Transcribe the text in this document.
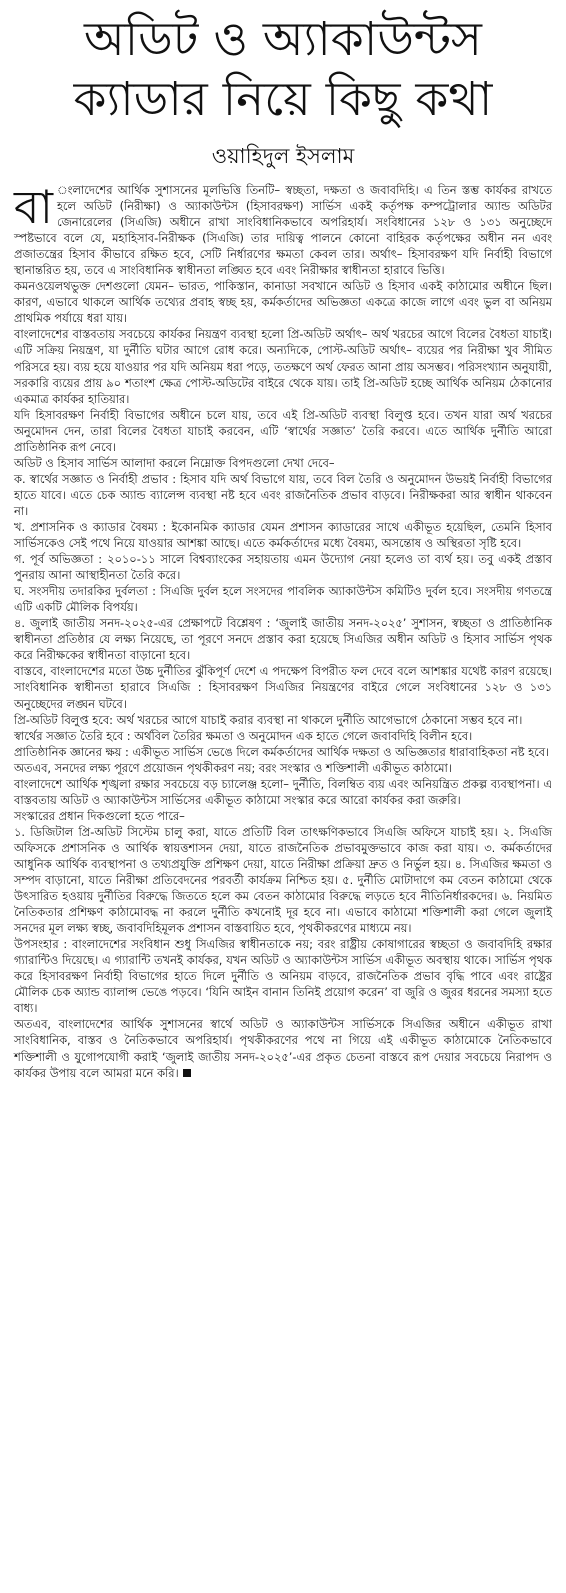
অডিট ও অ্যাকাউন্টস
ক্যাডার নিয়ে কিছু কথা
ওয়াহিদুল ইসলাম

বা ংলাদেশের আর্থিক সুশাসনের মূলভিত্তি তিনটি– স্বচ্ছতা, দক্ষতা ও জবাবদিহি। এ তিন স্তম্ভ কার্যকর রাখতে হলে অডিট (নিরীক্ষা) ও অ্যাকাউন্টস (হিসাবরক্ষণ) সার্ভিস একই কর্তৃপক্ষ কম্পট্রোলার অ্যান্ড অডিটর জেনারেলের (সিএজি) অধীনে রাখা সাংবিধানিকভাবে অপরিহার্য। সংবিধানের ১২৮ ও ১৩১ অনুচ্ছেদে স্পষ্টভাবে বলে যে, মহাহিসাব-নিরীক্ষক (সিএজি) তার দায়িত্ব পালনে কোনো বাহিরক কর্তৃপক্ষের অধীন নন এবং প্রজাতন্ত্রের হিসাব কীভাবে রক্ষিত হবে, সেটি নির্ধারণের ক্ষমতা কেবল তার। অর্থাৎ– হিসাবরক্ষণ যদি নির্বাহী বিভাগে স্থানান্তরিত হয়, তবে এ সাংবিধানিক স্বাধীনতা লঙ্ঘিত হবে এবং নিরীক্ষার স্বাধীনতা হারাবে ভিত্তি।

কমনওয়েলথভুক্ত দেশগুলো যেমন– ভারত, পাকিস্তান, কানাডা সবখানে অডিট ও হিসাব একই কাঠামোর অধীনে ছিল। কারণ, এভাবে থাকলে আর্থিক তথ্যের প্রবাহ স্বচ্ছ হয়, কর্মকর্তাদের অভিজ্ঞতা একত্রে কাজে লাগে এবং ভুল বা অনিয়ম প্রাথমিক পর্যায়ে ধরা যায়।

বাংলাদেশের বাস্তবতায় সবচেয়ে কার্যকর নিয়ন্ত্রণ ব্যবস্থা হলো প্রি-অডিট অর্থাৎ– অর্থ খরচের আগে বিলের বৈধতা যাচাই। এটি সক্রিয় নিয়ন্ত্রণ, যা দুর্নীতি ঘটার আগে রোধ করে। অন্যদিকে, পোস্ট-অডিট অর্থাৎ– ব্যয়ের পর নিরীক্ষা খুব সীমিত পরিসরে হয়। ব্যয় হয়ে যাওয়ার পর যদি অনিয়ম ধরা পড়ে, ততক্ষণে অর্থ ফেরত আনা প্রায় অসম্ভব। পরিসংখ্যান অনুযায়ী, সরকারি ব্যয়ের প্রায় ৯০ শতাংশ ক্ষেত্র পোস্ট-অডিটের বাইরে থেকে যায়। তাই প্রি-অডিট হচ্ছে আর্থিক অনিয়ম ঠেকানোর একমাত্র কার্যকর হাতিয়ার।

যদি হিসাবরক্ষণ নির্বাহী বিভাগের অধীনে চলে যায়, তবে এই প্রি-অডিট ব্যবস্থা বিলুপ্ত হবে। তখন যারা অর্থ খরচের অনুমোদন দেন, তারা বিলের বৈধতা যাচাই করবেন, এটি ‘স্বার্থের সজ্ঞাত’ তৈরি করবে। এতে আর্থিক দুর্নীতি আরো প্রাতিষ্ঠানিক রূপ নেবে।

অডিট ও হিসাব সার্ভিস আলাদা করলে নিম্নোক্ত বিপদগুলো দেখা দেবে–

ক. স্বার্থের সজ্ঞাত ও নির্বাহী প্রভাব : হিসাব যদি অর্থ বিভাগে যায়, তবে বিল তৈরি ও অনুমোদন উভয়ই নির্বাহী বিভাগের হাতে যাবে। এতে চেক অ্যান্ড ব্যালেন্স ব্যবস্থা নষ্ট হবে এবং রাজনৈতিক প্রভাব বাড়বে। নিরীক্ষকরা আর স্বাধীন থাকবেন না।

খ. প্রশাসনিক ও ক্যাডার বৈষম্য : ইকোনমিক ক্যাডার যেমন প্রশাসন ক্যাডারের সাথে একীভূত হয়েছিল, তেমনি হিসাব সার্ভিসকেও সেই পথে নিয়ে যাওয়ার আশঙ্কা আছে। এতে কর্মকর্তাদের মধ্যে বৈষম্য, অসন্তোষ ও অস্থিরতা সৃষ্টি হবে।

গ. পূর্ব অভিজ্ঞতা : ২০১০-১১ সালে বিশ্বব্যাংকের সহায়তায় এমন উদ্যোগ নেয়া হলেও তা ব্যর্থ হয়। তবু একই প্রস্তাব পুনরায় আনা আস্থাহীনতা তৈরি করে।

ঘ. সংসদীয় তদারকির দুর্বলতা : সিএজি দুর্বল হলে সংসদের পাবলিক অ্যাকাউন্টস কমিটিও দুর্বল হবে। সংসদীয় গণতন্ত্রে এটি একটি মৌলিক বিপর্যয়।

৪. জুলাই জাতীয় সনদ-২০২৫-এর প্রেক্ষাপটে বিশ্লেষণ : ‘জুলাই জাতীয় সনদ-২০২৫’ সুশাসন, স্বচ্ছতা ও প্রাতিষ্ঠানিক স্বাধীনতা প্রতিষ্ঠার যে লক্ষ্য নিয়েছে, তা পূরণে সনদে প্রস্তাব করা হয়েছে সিএজির অধীন অডিট ও হিসাব সার্ভিস পৃথক করে নিরীক্ষকের স্বাধীনতা বাড়ানো হবে।

বাস্তবে, বাংলাদেশের মতো উচ্চ দুর্নীতির ঝুঁকিপূর্ণ দেশে এ পদক্ষেপ বিপরীত ফল দেবে বলে আশঙ্কার যথেষ্ট কারণ রয়েছে। সাংবিধানিক স্বাধীনতা হারাবে সিএজি : হিসাবরক্ষণ সিএজির নিয়ন্ত্রণের বাইরে গেলে সংবিধানের ১২৮ ও ১৩১ অনুচ্ছেদের লঙ্ঘন ঘটবে।

প্রি-অডিট বিলুপ্ত হবে: অর্থ খরচের আগে যাচাই করার ব্যবস্থা না থাকলে দুর্নীতি আগেভাগে ঠেকানো সম্ভব হবে না।

স্বার্থের সজ্ঞাত তৈরি হবে : অর্থবিল তৈরির ক্ষমতা ও অনুমোদন এক হাতে গেলে জবাবদিহি বিলীন হবে।

প্রাতিষ্ঠানিক জ্ঞানের ক্ষয় : একীভূত সার্ভিস ভেঙে দিলে কর্মকর্তাদের আর্থিক দক্ষতা ও অভিজ্ঞতার ধারাবাহিকতা নষ্ট হবে।

অতএব, সনদের লক্ষ্য পূরণে প্রয়োজন পৃথকীকরণ নয়; বরং সংস্কার ও শক্তিশালী একীভূত কাঠামো।

বাংলাদেশে আর্থিক শৃঙ্খলা রক্ষার সবচেয়ে বড় চ্যালেঞ্জ হলো– দুর্নীতি, বিলম্বিত ব্যয় এবং অনিয়ন্ত্রিত প্রকল্প ব্যবস্থাপনা। এ বাস্তবতায় অডিট ও অ্যাকাউন্টস সার্ভিসের একীভূত কাঠামো সংস্কার করে আরো কার্যকর করা জরুরি।

সংস্কারের প্রধান দিকগুলো হতে পারে–

১. ডিজিটাল প্রি-অডিট সিস্টেম চালু করা, যাতে প্রতিটি বিল তাৎক্ষণিকভাবে সিএজি অফিসে যাচাই হয়। ২. সিএজি অফিসকে প্রশাসনিক ও আর্থিক স্বায়ত্তশাসন দেয়া, যাতে রাজনৈতিক প্রভাবমুক্তভাবে কাজ করা যায়। ৩. কর্মকর্তাদের আধুনিক আর্থিক ব্যবস্থাপনা ও তথ্যপ্রযুক্তি প্রশিক্ষণ দেয়া, যাতে নিরীক্ষা প্রক্রিয়া দ্রুত ও নির্ভুল হয়। ৪. সিএজির ক্ষমতা ও সম্পদ বাড়ানো, যাতে নিরীক্ষা প্রতিবেদনের পরবর্তী কার্যক্রম নিশ্চিত হয়। ৫. দুর্নীতি মোটাদাগে কম বেতন কাঠামো থেকে উৎসারিত হওয়ায় দুর্নীতির বিরুদ্ধে জিততে হলে কম বেতন কাঠামোর বিরুদ্ধে লড়তে হবে নীতিনির্ধারকদের। ৬. নিয়মিত নৈতিকতার প্রশিক্ষণ কাঠামোবদ্ধ না করলে দুর্নীতি কখনোই দূর হবে না। এভাবে কাঠামো শক্তিশালী করা গেলে জুলাই সনদের মূল লক্ষ্য স্বচ্ছ, জবাবদিহিমূলক প্রশাসন বাস্তবায়িত হবে, পৃথকীকরণের মাধ্যমে নয়।

উপসংহার : বাংলাদেশের সংবিধান শুধু সিএজির স্বাধীনতাকে নয়; বরং রাষ্ট্রীয় কোষাগারের স্বচ্ছতা ও জবাবদিহি রক্ষার গ্যারান্টিও দিয়েছে। এ গ্যারান্টি তখনই কার্যকর, যখন অডিট ও অ্যাকাউন্টস সার্ভিস একীভূত অবস্থায় থাকে। সার্ভিস পৃথক করে হিসাবরক্ষণ নির্বাহী বিভাগের হাতে দিলে দুর্নীতি ও অনিয়ম বাড়বে, রাজনৈতিক প্রভাব বৃদ্ধি পাবে এবং রাষ্ট্রের মৌলিক চেক অ্যান্ড ব্যালান্স ভেঙে পড়বে। ‘যিনি আইন বানান তিনিই প্রয়োগ করেন’ বা জুরি ও জুরর ধরনের সমস্যা হতে বাধ্য।

অতএব, বাংলাদেশের আর্থিক সুশাসনের স্বার্থে অডিট ও অ্যাকাউন্টস সার্ভিসকে সিএজির অধীনে একীভূত রাখা সাংবিধানিক, বাস্তব ও নৈতিকভাবে অপরিহার্য। পৃথকীকরণের পথে না গিয়ে এই একীভূত কাঠামোকে নৈতিকভাবে শক্তিশালী ও যুগোপযোগী করাই ‘জুলাই জাতীয় সনদ-২০২৫’-এর প্রকৃত চেতনা বাস্তবে রূপ দেয়ার সবচেয়ে নিরাপদ ও কার্যকর উপায় বলে আমরা মনে করি।
